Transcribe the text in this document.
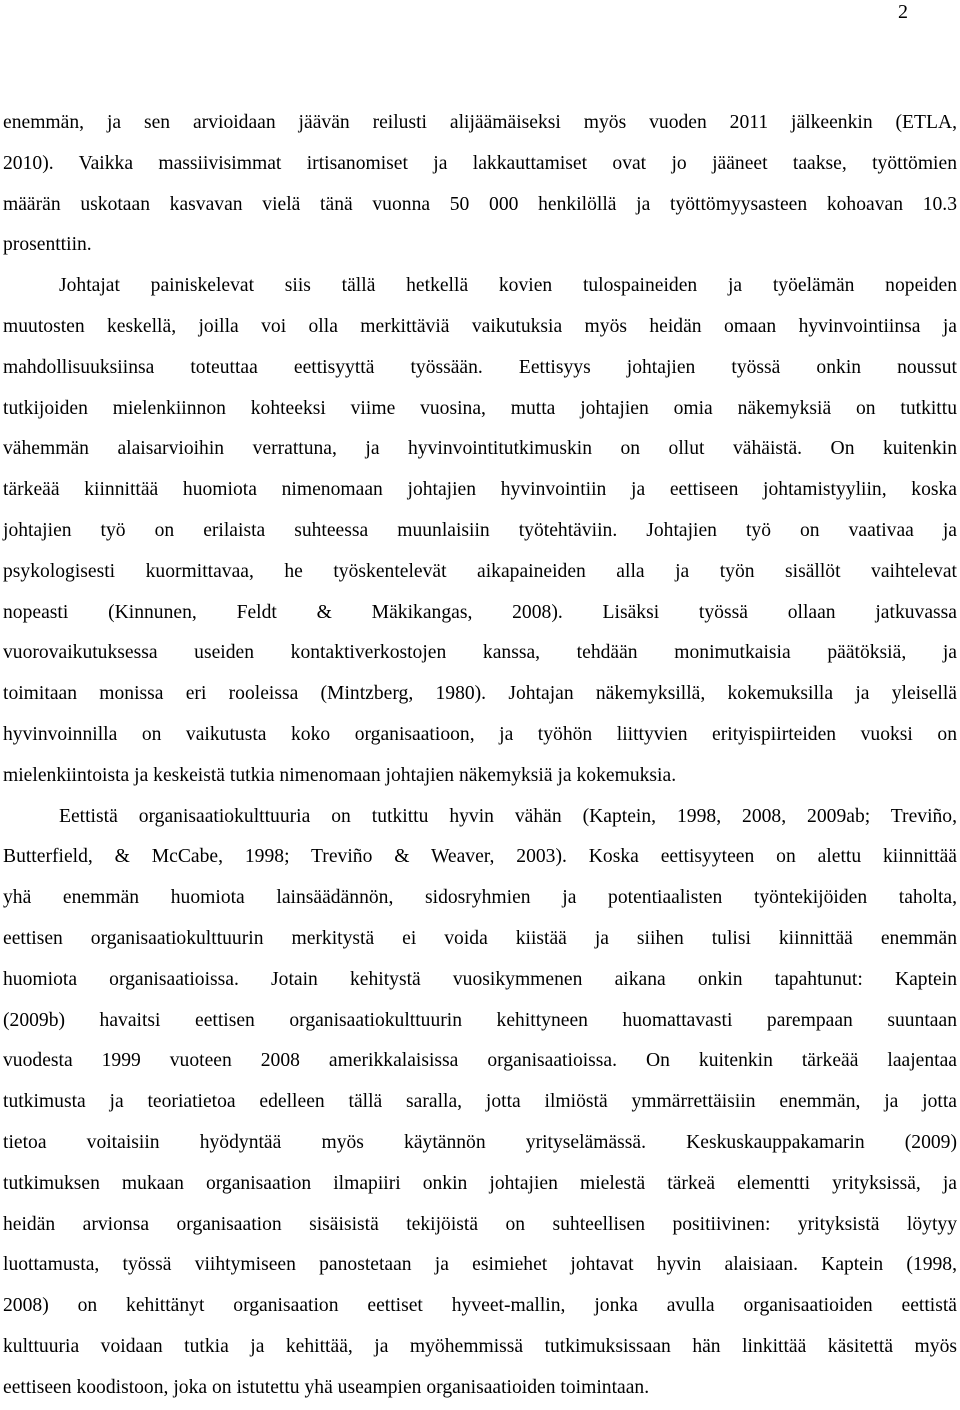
2

enemmän, ja sen arvioidaan jäävän reilusti alijäämäiseksi myös vuoden 2011 jälkeenkin (ETLA,

2010). Vaikka massiivisimmat irtisanomiset ja lakkauttamiset ovat jo jääneet taakse, työttömien

määrän uskotaan kasvavan vielä tänä vuonna 50 000 henkilöllä ja työttömyysasteen kohoavan 10.3

prosenttiin.

Johtajat painiskelevat siis tällä hetkellä kovien tulospaineiden ja työelämän nopeiden

muutosten keskellä, joilla voi olla merkittäviä vaikutuksia myös heidän omaan hyvinvointiinsa ja

mahdollisuuksiinsa toteuttaa eettisyyttä työssään. Eettisyys johtajien työssä onkin noussut

tutkijoiden mielenkiinnon kohteeksi viime vuosina, mutta johtajien omia näkemyksiä on tutkittu

vähemmän alaisarvioihin verrattuna, ja hyvinvointitutkimuskin on ollut vähäistä. On kuitenkin

tärkeää kiinnittää huomiota nimenomaan johtajien hyvinvointiin ja eettiseen johtamistyyliin, koska

johtajien työ on erilaista suhteessa muunlaisiin työtehtäviin. Johtajien työ on vaativaa ja

psykologisesti kuormittavaa, he työskentelevät aikapaineiden alla ja työn sisällöt vaihtelevat

nopeasti (Kinnunen, Feldt & Mäkikangas, 2008). Lisäksi työssä ollaan jatkuvassa

vuorovaikutuksessa useiden kontaktiverkostojen kanssa, tehdään monimutkaisia päätöksiä, ja

toimitaan monissa eri rooleissa (Mintzberg, 1980). Johtajan näkemyksillä, kokemuksilla ja yleisellä

hyvinvoinnilla on vaikutusta koko organisaatioon, ja työhön liittyvien erityispiirteiden vuoksi on

mielenkiintoista ja keskeistä tutkia nimenomaan johtajien näkemyksiä ja kokemuksia.

Eettistä organisaatiokulttuuria on tutkittu hyvin vähän (Kaptein, 1998, 2008, 2009ab; Treviño,

Butterfield, & McCabe, 1998; Treviño & Weaver, 2003). Koska eettisyyteen on alettu kiinnittää

yhä enemmän huomiota lainsäädännön, sidosryhmien ja potentiaalisten työntekijöiden taholta,

eettisen organisaatiokulttuurin merkitystä ei voida kiistää ja siihen tulisi kiinnittää enemmän

huomiota organisaatioissa. Jotain kehitystä vuosikymmenen aikana onkin tapahtunut: Kaptein

(2009b) havaitsi eettisen organisaatiokulttuurin kehittyneen huomattavasti parempaan suuntaan

vuodesta 1999 vuoteen 2008 amerikkalaisissa organisaatioissa. On kuitenkin tärkeää laajentaa

tutkimusta ja teoriatietoa edelleen tällä saralla, jotta ilmiöstä ymmärrettäisiin enemmän, ja jotta

tietoa voitaisiin hyödyntää myös käytännön yrityselämässä. Keskuskauppakamarin (2009)

tutkimuksen mukaan organisaation ilmapiiri onkin johtajien mielestä tärkeä elementti yrityksissä, ja

heidän arvionsa organisaation sisäisistä tekijöistä on suhteellisen positiivinen: yrityksistä löytyy

luottamusta, työssä viihtymiseen panostetaan ja esimiehet johtavat hyvin alaisiaan. Kaptein (1998,

2008) on kehittänyt organisaation eettiset hyveet-mallin, jonka avulla organisaatioiden eettistä

kulttuuria voidaan tutkia ja kehittää, ja myöhemmissä tutkimuksissaan hän linkittää käsitettä myös

eettiseen koodistoon, joka on istutettu yhä useampien organisaatioiden toimintaan.
